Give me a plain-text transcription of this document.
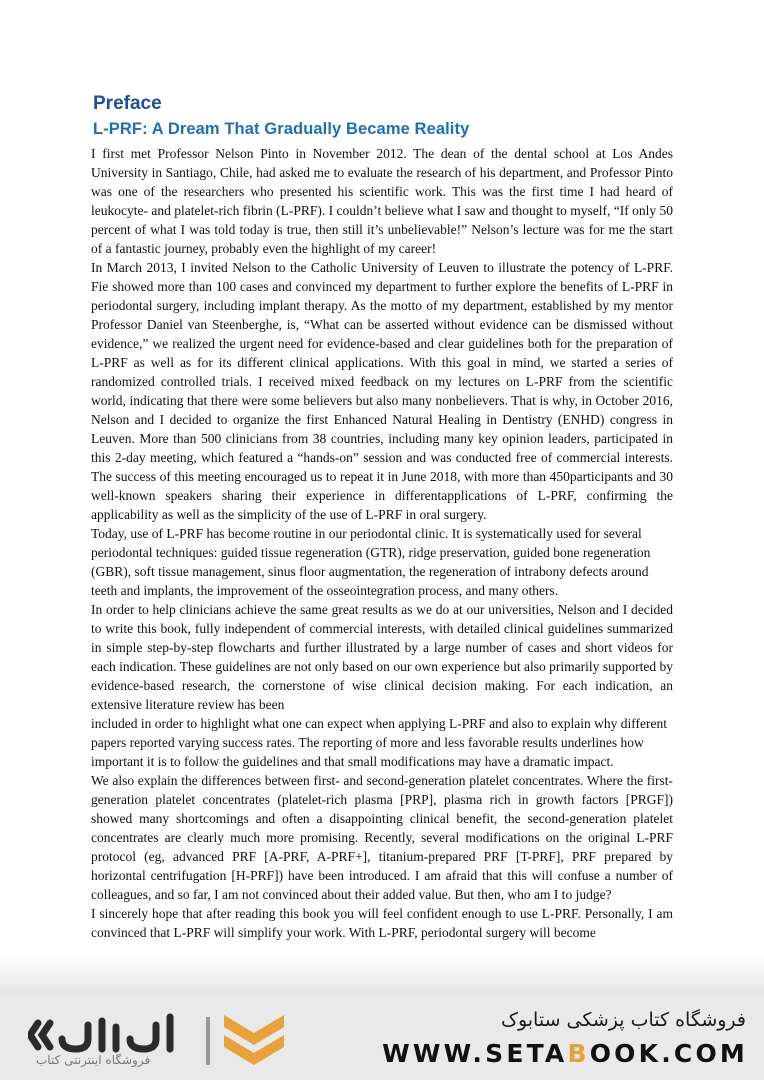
Preface
L-PRF: A Dream That Gradually Became Reality

I first met Professor Nelson Pinto in November 2012. The dean of the dental school at Los Andes University in Santiago, Chile, had asked me to evaluate the research of his department, and Professor Pinto was one of the researchers who presented his scientific work. This was the first time I had heard of leukocyte- and platelet-rich fibrin (L-PRF). I couldn’t believe what I saw and thought to myself, “If only 50 percent of what I was told today is true, then still it’s unbelievable!” Nelson’s lecture was for me the start of a fantastic journey, probably even the highlight of my career!

In March 2013, I invited Nelson to the Catholic University of Leuven to illustrate the potency of L-PRF. Fie showed more than 100 cases and convinced my department to further explore the benefits of L-PRF in periodontal surgery, including implant therapy. As the motto of my department, established by my mentor Professor Daniel van Steenberghe, is, “What can be asserted without evidence can be dismissed without evidence,” we realized the urgent need for evidence-based and clear guidelines both for the preparation of L-PRF as well as for its different clinical applications. With this goal in mind, we started a series of randomized controlled trials. I received mixed feedback on my lectures on L-PRF from the scientific world, indicating that there were some believers but also many nonbelievers. That is why, in October 2016, Nelson and I decided to organize the first Enhanced Natural Healing in Dentistry (ENHD) congress in Leuven. More than 500 clinicians from 38 countries, including many key opinion leaders, participated in this 2-day meeting, which featured a “hands-on” session and was conducted free of commercial interests. The success of this meeting encouraged us to repeat it in June 2018, with more than 450participants and 30 well-known speakers sharing their experience in differentapplications of L-PRF, confirming the applicability as well as the simplicity of the use of L-PRF in oral surgery.

Today, use of L-PRF has become routine in our periodontal clinic. It is systematically used for several periodontal techniques: guided tissue regeneration (GTR), ridge preservation, guided bone regeneration (GBR), soft tissue management, sinus floor augmentation, the regeneration of intrabony defects around teeth and implants, the improvement of the osseointegration process, and many others.

In order to help clinicians achieve the same great results as we do at our universities, Nelson and I decided to write this book, fully independent of commercial interests, with detailed clinical guidelines summarized in simple step-by-step flowcharts and further illustrated by a large number of cases and short videos for each indication. These guidelines are not only based on our own experience but also primarily supported by evidence-based research, the cornerstone of wise clinical decision making. For each indication, an extensive literature review has been

included in order to highlight what one can expect when applying L-PRF and also to explain why different papers reported varying success rates. The reporting of more and less favorable results underlines how important it is to follow the guidelines and that small modifications may have a dramatic impact.

We also explain the differences between first- and second-generation platelet concentrates. Where the first-generation platelet concentrates (platelet-rich plasma [PRP], plasma rich in growth factors [PRGF]) showed many shortcomings and often a disappointing clinical benefit, the second-generation platelet concentrates are clearly much more promising. Recently, several modifications on the original L-PRF protocol (eg, advanced PRF [A-PRF, A-PRF+], titanium-prepared PRF [T-PRF], PRF prepared by horizontal centrifugation [H-PRF]) have been introduced. I am afraid that this will confuse a number of colleagues, and so far, I am not convinced about their added value. But then, who am I to judge?

I sincerely hope that after reading this book you will feel confident enough to use L-PRF. Personally, I am convinced that L-PRF will simplify your work. With L-PRF, periodontal surgery will become

فروشگاه اینترنتی کتاب
فروشگاه کتاب پزشکی ستابوک
WWW.SETABOOK.COM
